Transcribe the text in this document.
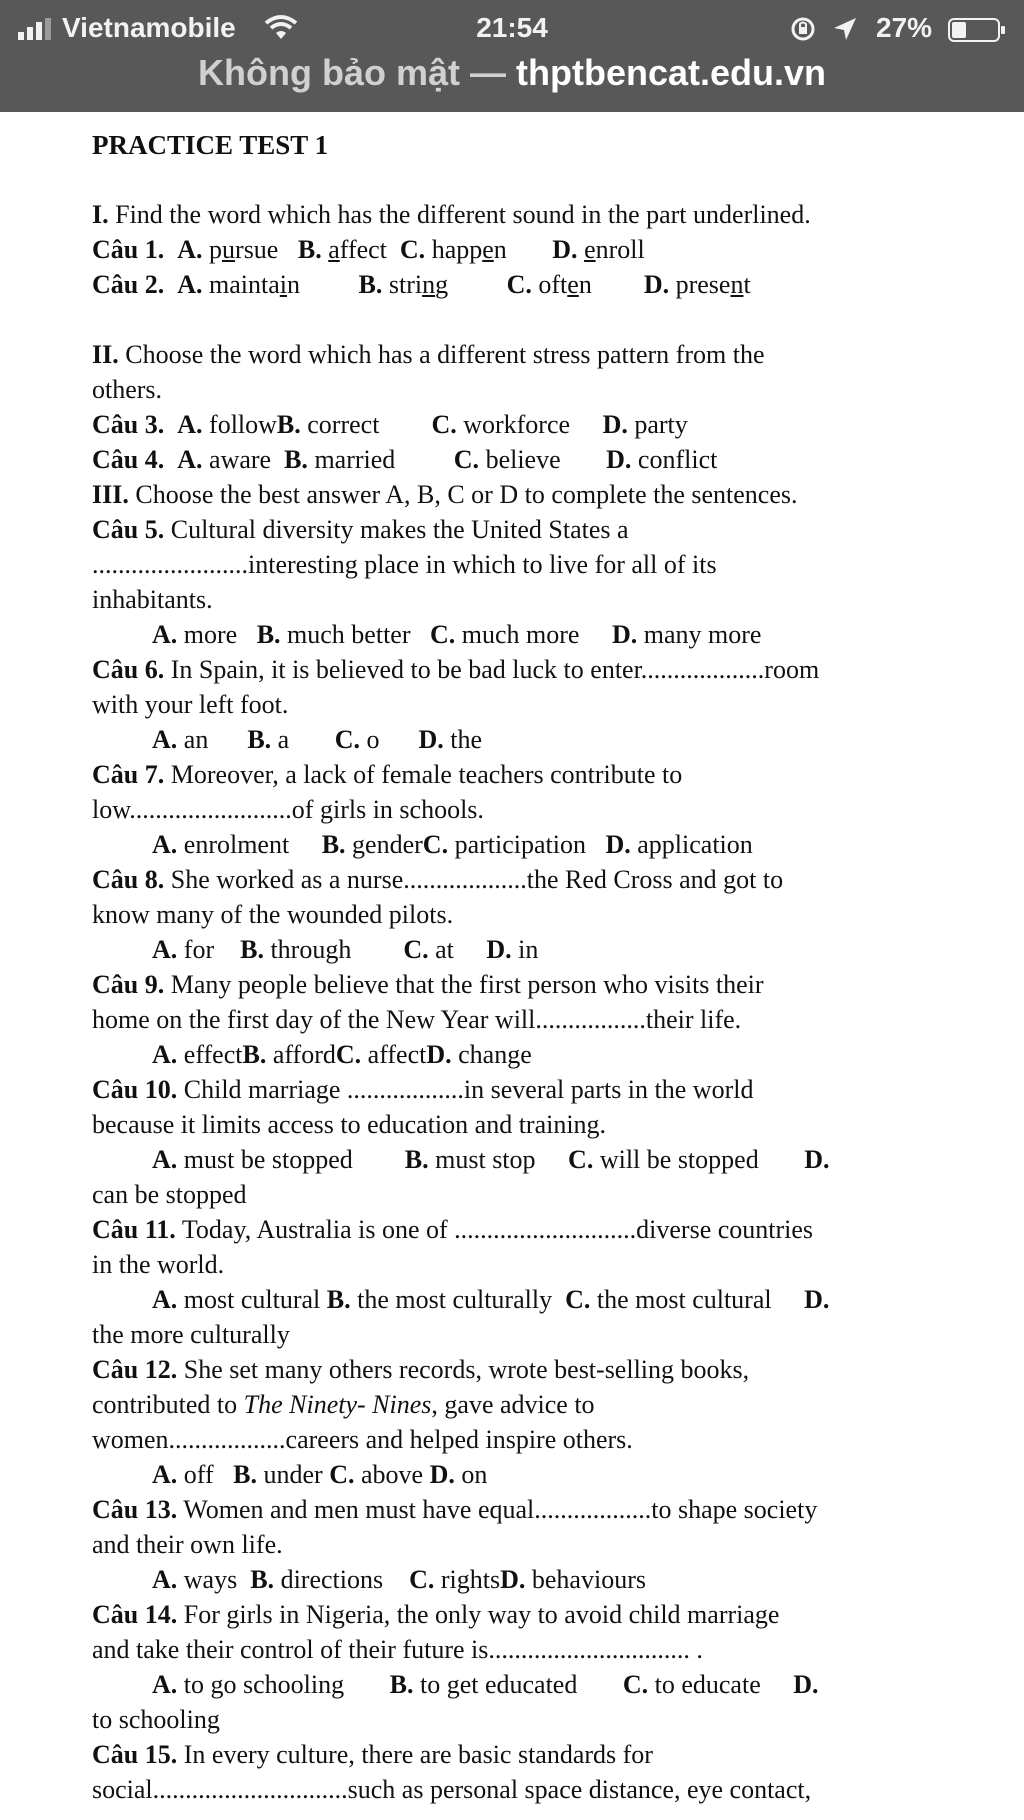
Vietnamobile	21:54	27%
Không bảo mật — thptbencat.edu.vn
PRACTICE TEST 1
I. Find the word which has the different sound in the part underlined.
Câu 1. A. pursue B. affect C. happen D. enroll
Câu 2. A. maintain B. string C. often D. present
II. Choose the word which has a different stress pattern from the
others.
Câu 3. A. followB. correct C. workforce D. party
Câu 4. A. aware B. married C. believe D. conflict
III. Choose the best answer A, B, C or D to complete the sentences.
Câu 5. Cultural diversity makes the United States a
........................interesting place in which to live for all of its
inhabitants.
A. more B. much better C. much more D. many more
Câu 6. In Spain, it is believed to be bad luck to enter...................room
with your left foot.
A. an B. a C. o D. the
Câu 7. Moreover, a lack of female teachers contribute to
low.........................of girls in schools.
A. enrolment B. genderC. participation D. application
Câu 8. She worked as a nurse...................the Red Cross and got to
know many of the wounded pilots.
A. for B. through C. at D. in
Câu 9. Many people believe that the first person who visits their
home on the first day of the New Year will.................their life.
A. effectB. affordC. affectD. change
Câu 10. Child marriage ..................in several parts in the world
because it limits access to education and training.
A. must be stopped B. must stop C. will be stopped D.
can be stopped
Câu 11. Today, Australia is one of ............................diverse countries
in the world.
A. most cultural B. the most culturally C. the most cultural D.
the more culturally
Câu 12. She set many others records, wrote best-selling books,
contributed to The Ninety- Nines, gave advice to
women..................careers and helped inspire others.
A. off B. under C. above D. on
Câu 13. Women and men must have equal..................to shape society
and their own life.
A. ways B. directions C. rightsD. behaviours
Câu 14. For girls in Nigeria, the only way to avoid child marriage
and take their control of their future is............................... .
A. to go schooling B. to get educated C. to educate D.
to schooling
Câu 15. In every culture, there are basic standards for
social..............................such as personal space distance, eye contact,
